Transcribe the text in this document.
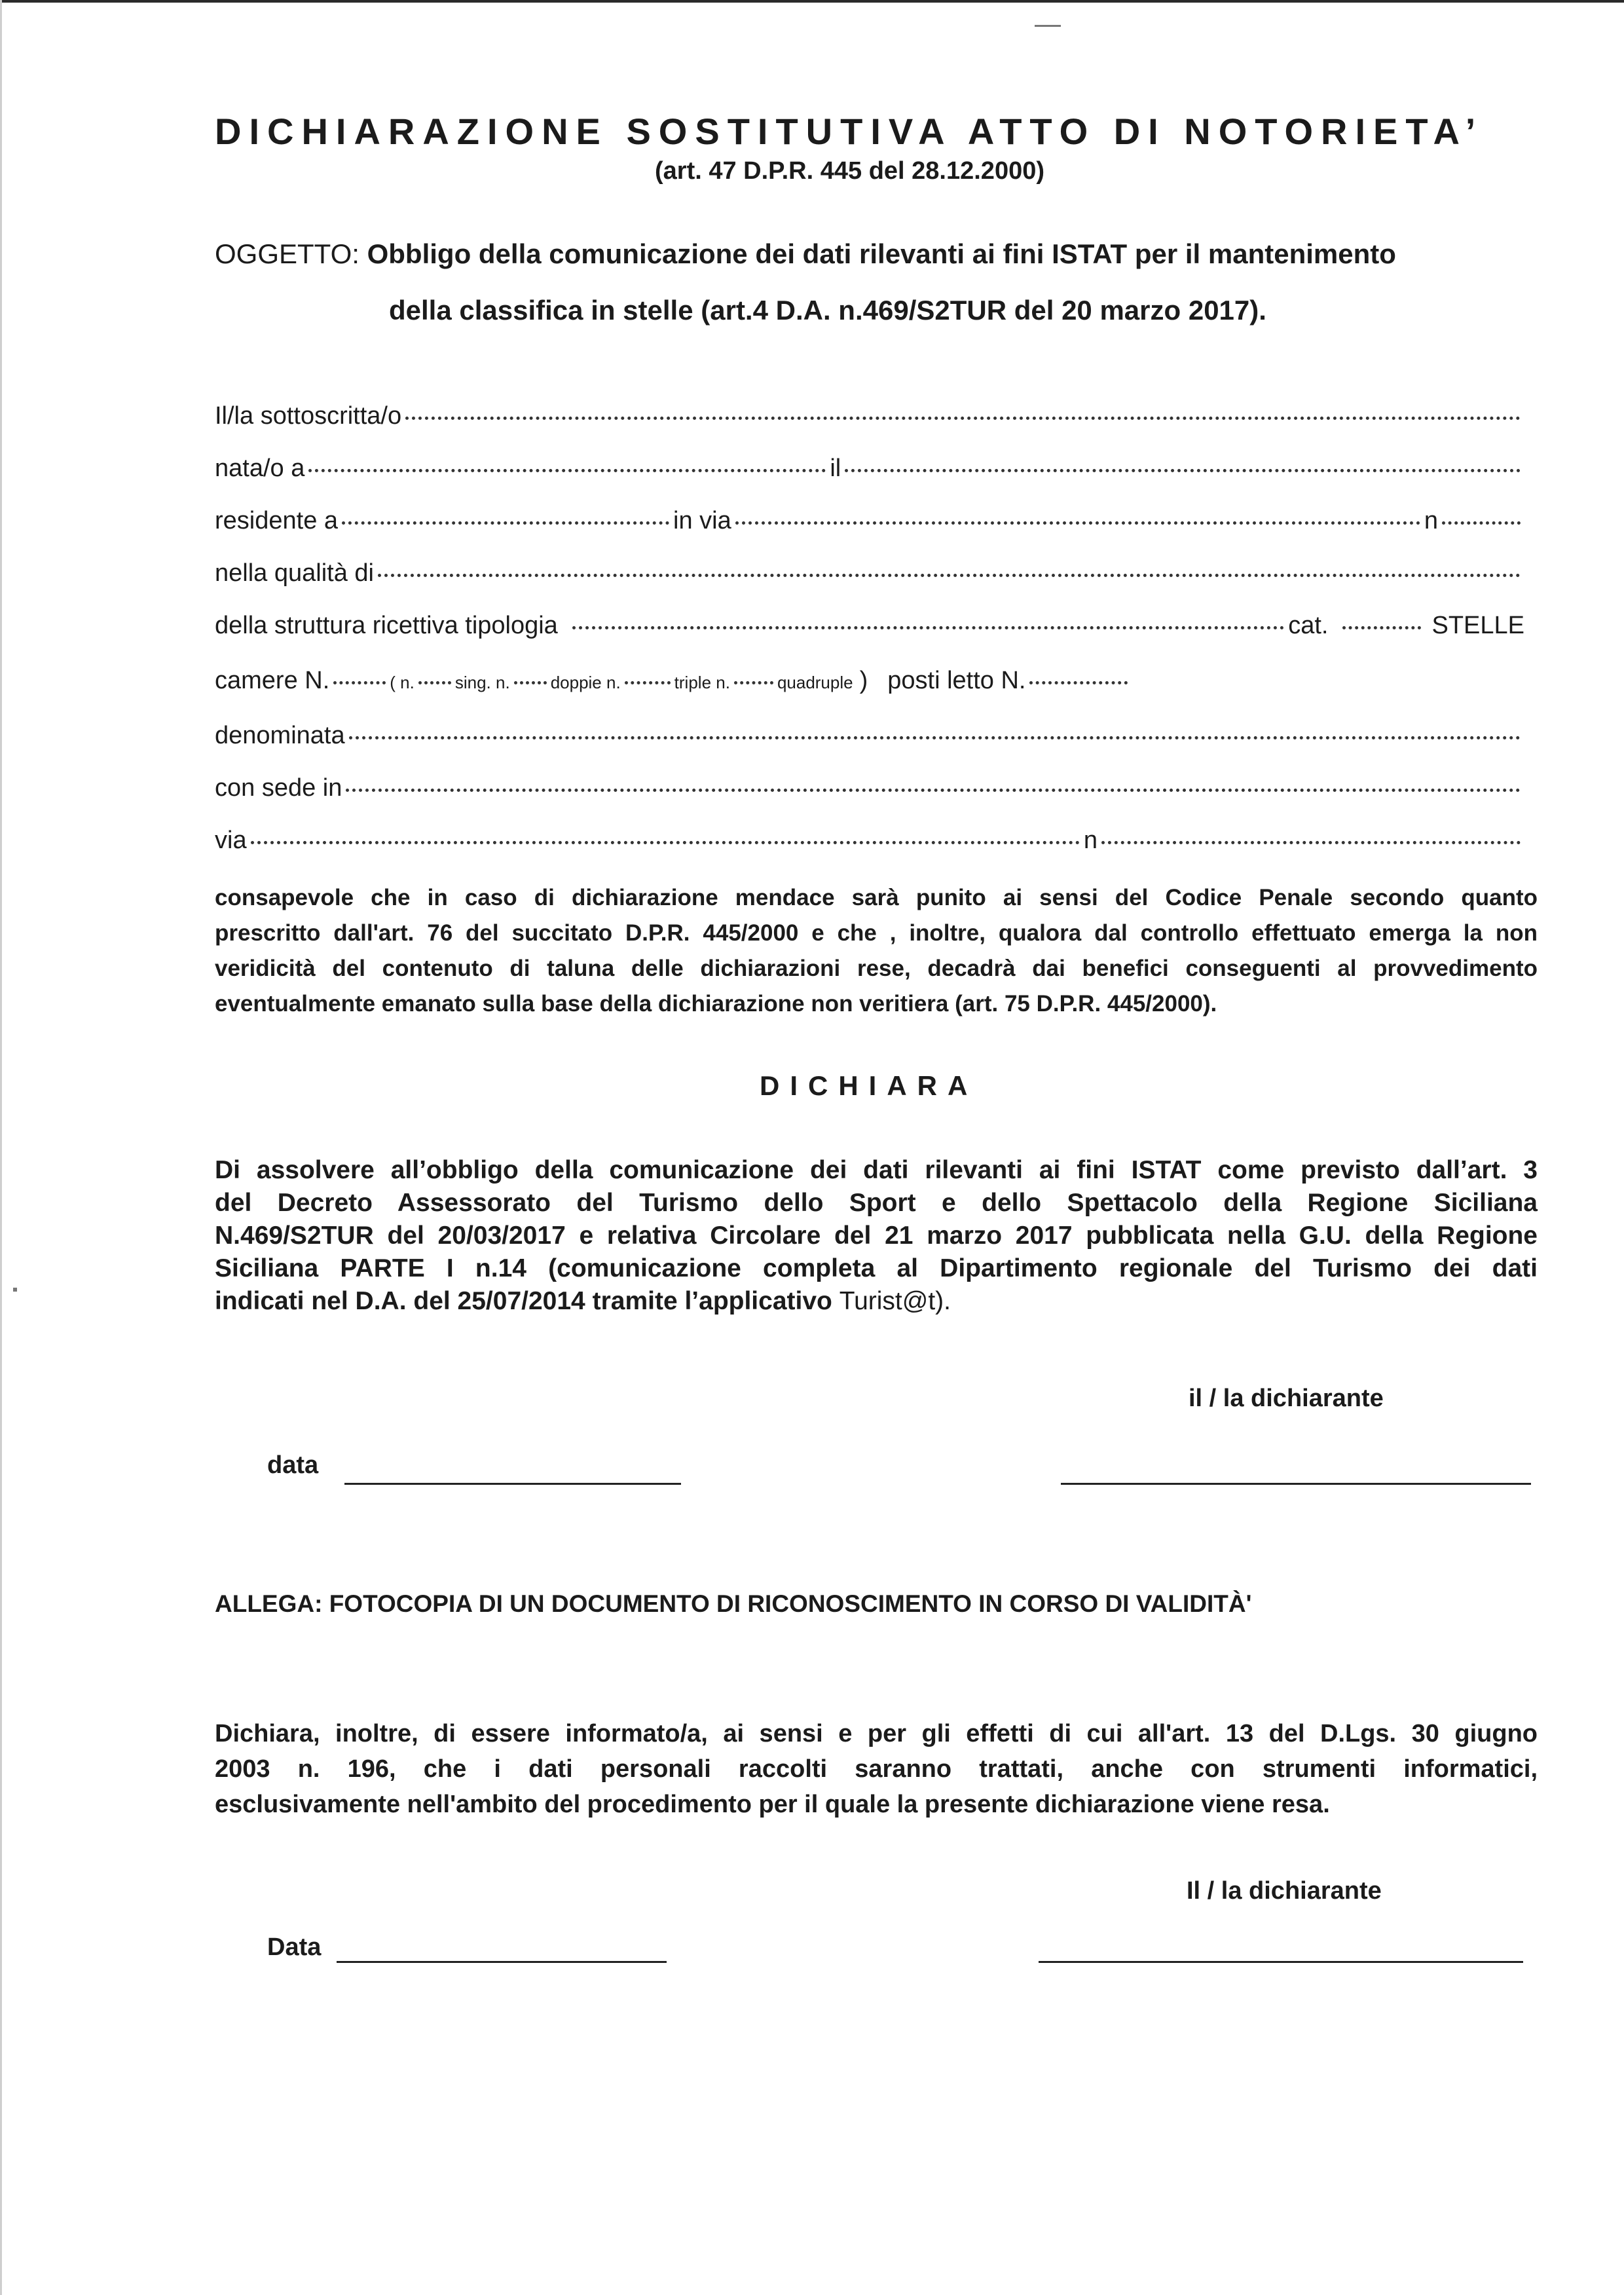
DICHIARAZIONE SOSTITUTIVA ATTO DI NOTORIETA’
(art. 47 D.P.R. 445 del 28.12.2000)
OGGETTO: Obbligo della comunicazione dei dati rilevanti ai fini ISTAT per il mantenimento
della classifica in stelle (art.4 D.A. n.469/S2TUR del 20 marzo 2017).
Il/la sottoscritta/o
nata/o a	il
residente a	in via	n
nella qualità di
della struttura ricettiva tipologia	cat.	STELLE
camere N.	( n. sing. n. doppie n.	triple n.	quadruple ) posti letto N.
denominata
con sede in
via	n
consapevole che in caso di dichiarazione mendace sarà punito ai sensi del Codice Penale secondo quanto
prescritto dall'art. 76 del succitato D.P.R. 445/2000 e che , inoltre, qualora dal controllo effettuato emerga la non
veridicità del contenuto di taluna delle dichiarazioni rese, decadrà dai benefici conseguenti al provvedimento
eventualmente emanato sulla base della dichiarazione non veritiera (art. 75 D.P.R. 445/2000).
DICHIARA
Di assolvere all’obbligo della comunicazione dei dati rilevanti ai fini ISTAT come previsto dall’art. 3
del Decreto Assessorato del Turismo dello Sport e dello Spettacolo della Regione Siciliana
N.469/S2TUR del 20/03/2017 e relativa Circolare del 21 marzo 2017 pubblicata nella G.U. della Regione
Siciliana PARTE I n.14 (comunicazione completa al Dipartimento regionale del Turismo dei dati
indicati nel D.A. del 25/07/2014 tramite l’applicativo Turist@t).
il / la dichiarante
data
ALLEGA: FOTOCOPIA DI UN DOCUMENTO DI RICONOSCIMENTO IN CORSO DI VALIDITÀ'
Dichiara, inoltre, di essere informato/a, ai sensi e per gli effetti di cui all'art. 13 del D.Lgs. 30 giugno
2003 n. 196, che i dati personali raccolti saranno trattati, anche con strumenti informatici,
esclusivamente nell'ambito del procedimento per il quale la presente dichiarazione viene resa.
Il / la dichiarante
Data
